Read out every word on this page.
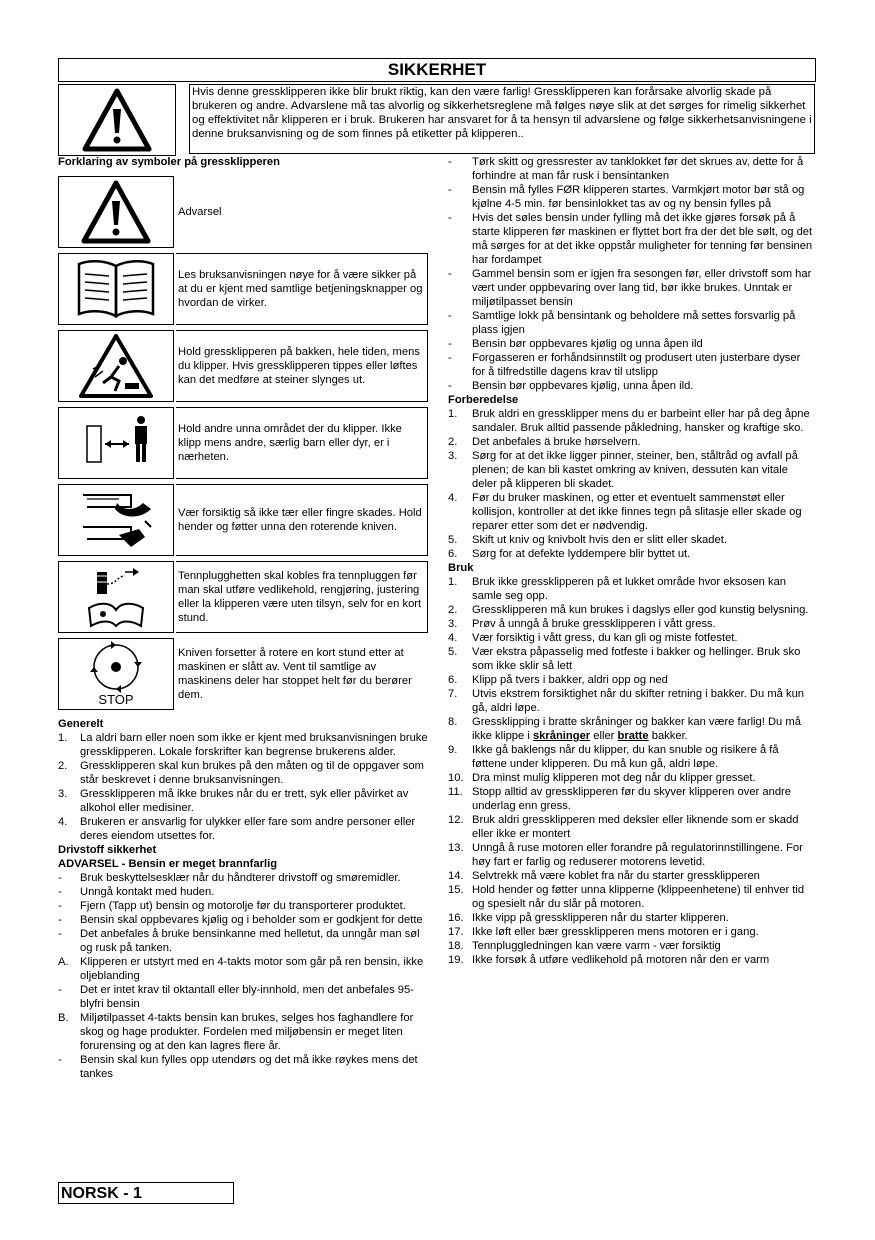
SIKKERHET
Hvis denne gressklipperen ikke blir brukt riktig, kan den være farlig! Gressklipperen kan forårsake alvorlig skade på brukeren og andre. Advarslene må tas alvorlig og sikkerhetsreglene må følges nøye slik at det sørges for rimelig sikkerhet og effektivitet når klipperen er i bruk. Brukeren har ansvaret for å ta hensyn til advarslene og følge sikkerhetsanvisningene i denne bruksanvisning og de som finnes på etiketter på klipperen..
Forklaring av symboler på gressklipperen
Advarsel
Les bruksanvisningen nøye for å være sikker på at du er kjent med samtlige betjeningsknapper og hvordan de virker.
Hold gressklipperen på bakken, hele tiden, mens du klipper. Hvis gressklipperen tippes eller løftes kan det medføre at steiner slynges ut.
Hold andre unna området der du klipper. Ikke klipp mens andre, særlig barn eller dyr, er i nærheten.
Vær forsiktig så ikke tær eller fingre skades. Hold hender og føtter unna den roterende kniven.
Tennplugghetten skal kobles fra tennpluggen før man skal utføre vedlikehold, rengjøring, justering eller la klipperen være uten tilsyn, selv for en kort stund.
STOP
Kniven forsetter å rotere en kort stund etter at maskinen er slått av. Vent til samtlige av maskinens deler har stoppet helt før du berører dem.
Generelt
1. La aldri barn eller noen som ikke er kjent med bruksanvisningen bruke gressklipperen. Lokale forskrifter kan begrense brukerens alder.
2. Gressklipperen skal kun brukes på den måten og til de oppgaver som står beskrevet i denne bruksanvisningen.
3. Gressklipperen må ikke brukes når du er trett, syk eller påvirket av alkohol eller medisiner.
4. Brukeren er ansvarlig for ulykker eller fare som andre personer eller deres eiendom utsettes for.
Drivstoff sikkerhet
ADVARSEL - Bensin er meget brannfarlig
- Bruk beskyttelsesklær når du håndterer drivstoff og smøremidler.
- Unngå kontakt med huden.
- Fjern (Tapp ut) bensin og motorolje før du transporterer produktet.
- Bensin skal oppbevares kjølig og i beholder som er godkjent for dette
- Det anbefales å bruke bensinkanne med helletut, da unngår man søl og rusk på tanken.
A. Klipperen er utstyrt med en 4-takts motor som går på ren bensin, ikke oljeblanding
- Det er intet krav til oktantall eller bly-innhold, men det anbefales 95-blyfri bensin
B. Miljøtilpasset 4-takts bensin kan brukes, selges hos faghandlere for skog og hage produkter. Fordelen med miljøbensin er meget liten forurensing og at den kan lagres flere år.
- Bensin skal kun fylles opp utendørs og det må ikke røykes mens det tankes
- Tørk skitt og gressrester av tanklokket før det skrues av, dette for å forhindre at man får rusk i bensintanken
- Bensin må fylles FØR klipperen startes. Varmkjørt motor bør stå og kjølne 4-5 min. før bensinlokket tas av og ny bensin fylles på
- Hvis det søles bensin under fylling må det ikke gjøres forsøk på å starte klipperen før maskinen er flyttet bort fra der det ble sølt, og det må sørges for at det ikke oppstår muligheter for tenning før bensinen har fordampet
- Gammel bensin som er igjen fra sesongen før, eller drivstoff som har vært under oppbevaring over lang tid, bør ikke brukes. Unntak er miljøtilpasset bensin
- Samtlige lokk på bensintank og beholdere må settes forsvarlig på plass igjen
- Bensin bør oppbevares kjølig og unna åpen ild
- Forgasseren er forhåndsinnstilt og produsert uten justerbare dyser for å tilfredstille dagens krav til utslipp
- Bensin bør oppbevares kjølig, unna åpen ild.
Forberedelse
1. Bruk aldri en gressklipper mens du er barbeint eller har på deg åpne sandaler. Bruk alltid passende påkledning, hansker og kraftige sko.
2. Det anbefales ä bruke hørselvern.
3. Sørg for at det ikke ligger pinner, steiner, ben, ståltråd og avfall på plenen; de kan bli kastet omkring av kniven, dessuten kan vitale deler på klipperen bli skadet.
4. Før du bruker maskinen, og etter et eventuelt sammenstøt eller kollisjon, kontroller at det ikke finnes tegn på slitasje eller skade og reparer etter som det er nødvendig.
5. Skift ut kniv og knivbolt hvis den er slitt eller skadet.
6. Sørg for at defekte lyddempere blir byttet ut.
Bruk
1. Bruk ikke gressklipperen på et lukket område hvor eksosen kan samle seg opp.
2. Gressklipperen må kun brukes i dagslys eller god kunstig belysning.
3. Prøv å unngå å bruke gressklipperen i vått gress.
4. Vær forsiktig i vått gress, du kan gli og miste fotfestet.
5. Vær ekstra påpasselig med fotfeste i bakker og hellinger. Bruk sko som ikke sklir så lett
6. Klipp på tvers i bakker, aldri opp og ned
7. Utvis ekstrem forsiktighet når du skifter retning i bakker. Du må kun gå, aldri løpe.
8. Gressklipping i bratte skråninger og bakker kan være farlig! Du må ikke klippe i skråninger eller bratte bakker.
9. Ikke gå baklengs når du klipper, du kan snuble og risikere å få føttene under klipperen. Du må kun gå, aldri løpe.
10. Dra minst mulig klipperen mot deg når du klipper gresset.
11. Stopp alltid av gressklipperen før du skyver klipperen over andre underlag enn gress.
12. Bruk aldri gressklipperen med deksler eller liknende som er skadd eller ikke er montert
13. Unngå å ruse motoren eller forandre på regulatorinnstillingene. For høy fart er farlig og reduserer motorens levetid.
14. Selvtrekk må være koblet fra når du starter gressklipperen
15. Hold hender og føtter unna klipperne (klippeenhetene) til enhver tid og spesielt når du slår på motoren.
16. Ikke vipp på gressklipperen når du starter klipperen.
17. Ikke løft eller bær gressklipperen mens motoren er i gang.
18. Tennpluggledningen kan være varm - vær forsiktig
19. Ikke forsøk å utføre vedlikehold på motoren når den er varm
NORSK - 1
